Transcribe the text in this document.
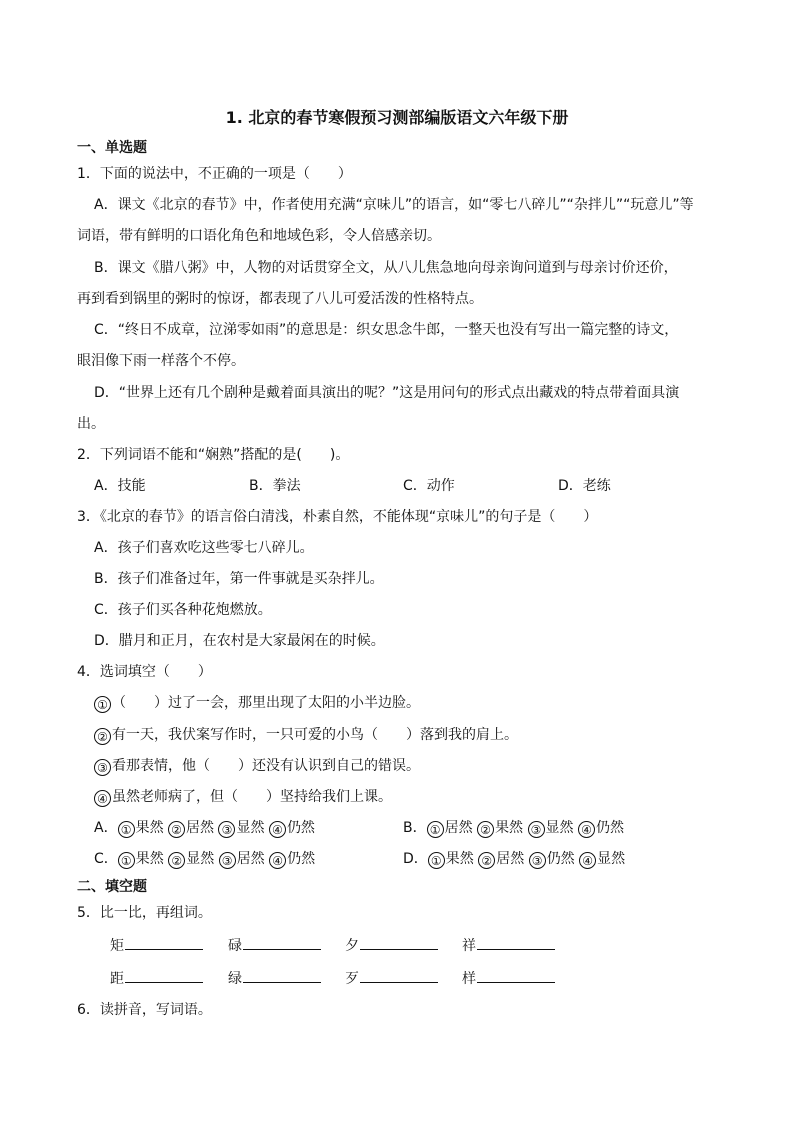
1. 北京的春节寒假预习测部编版语文六年级下册
一、单选题
1．下面的说法中，不正确的一项是（　　）
A．课文《北京的春节》中，作者使用充满“京味儿”的语言，如“零七八碎儿”“杂拌儿”“玩意儿”等
词语，带有鲜明的口语化角色和地域色彩，令人倍感亲切。
B．课文《腊八粥》中，人物的对话贯穿全文，从八儿焦急地向母亲询问道到与母亲讨价还价，
再到看到锅里的粥时的惊讶，都表现了八儿可爱活泼的性格特点。
C．“终日不成章，泣涕零如雨”的意思是：织女思念牛郎，一整天也没有写出一篇完整的诗文，
眼泪像下雨一样落个不停。
D．“世界上还有几个剧种是戴着面具演出的呢？”这是用问句的形式点出藏戏的特点带着面具演
出。
2．下列词语不能和“娴熟”搭配的是(　　)。
A．技能	B．拳法	C．动作	D．老练
3．《北京的春节》的语言俗白清浅，朴素自然，不能体现“京味儿”的句子是（　　）
A．孩子们喜欢吃这些零七八碎儿。
B．孩子们准备过年，第一件事就是买杂拌儿。
C．孩子们买各种花炮燃放。
D．腊月和正月，在农村是大家最闲在的时候。
4．选词填空（　　）
① （　　）过了一会，那里出现了太阳的小半边脸。
② 有一天，我伏案写作时，一只可爱的小鸟（　　）落到我的肩上。
③ 看那表情，他（　　）还没有认识到自己的错误。
④ 虽然老师病了，但（　　）坚持给我们上课。
A． ① 果然 ② 居然 ③ 显然 ④ 仍然	B． ① 居然 ② 果然 ③ 显然 ④ 仍然
C． ① 果然 ② 显然 ③ 居然 ④ 仍然	D． ① 果然 ② 居然 ③ 仍然 ④ 显然
二、填空题
5．比一比，再组词。
矩	碌	夕	祥
距	绿	歹	样
6．读拼音，写词语。
